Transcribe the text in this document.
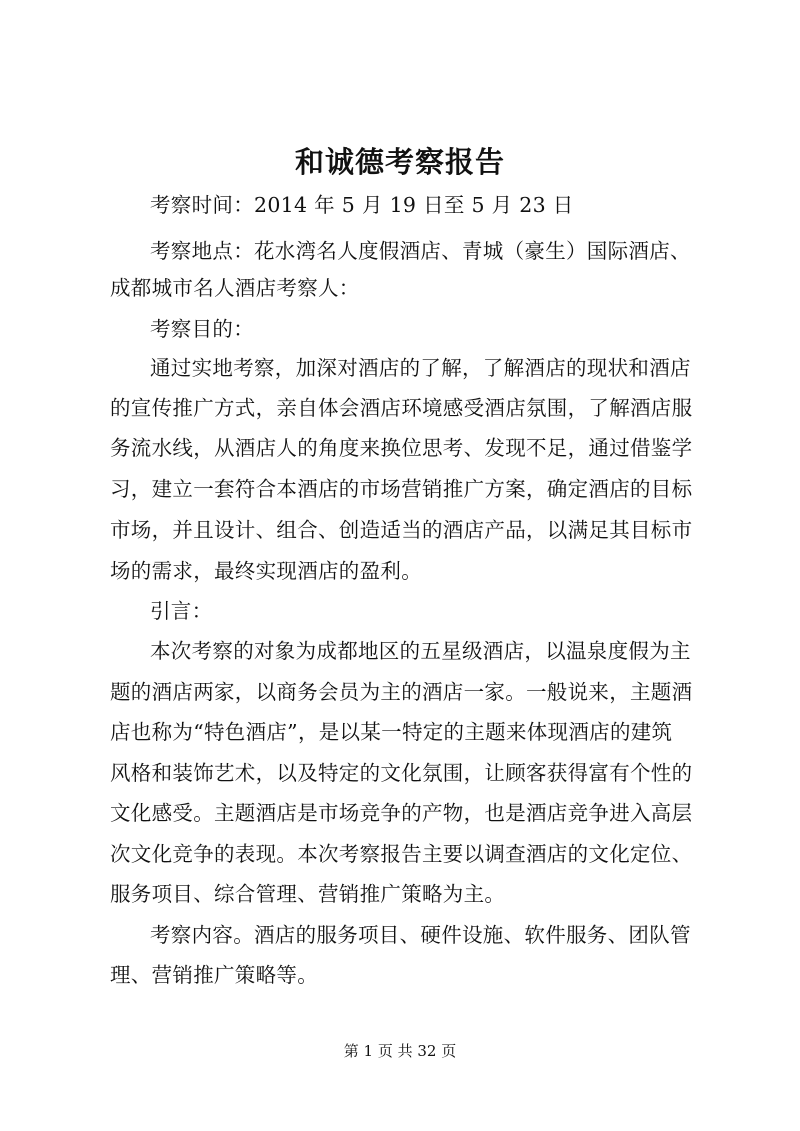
和诚德考察报告
考察时间：2014 年 5 月 19 日至 5 月 23 日
考察地点：花水湾名人度假酒店、青城（豪生）国际酒店、
成都城市名人酒店考察人：
考察目的：
通过实地考察，加深对酒店的了解，了解酒店的现状和酒店
的宣传推广方式，亲自体会酒店环境感受酒店氛围，了解酒店服
务流水线，从酒店人的角度来换位思考、发现不足，通过借鉴学
习，建立一套符合本酒店的市场营销推广方案，确定酒店的目标
市场，并且设计、组合、创造适当的酒店产品，以满足其目标市
场的需求，最终实现酒店的盈利。
引言：
本次考察的对象为成都地区的五星级酒店，以温泉度假为主
题的酒店两家，以商务会员为主的酒店一家。一般说来，主题酒
店也称为“特色酒店”，是以某一特定的主题来体现酒店的建筑
风格和装饰艺术，以及特定的文化氛围，让顾客获得富有个性的
文化感受。主题酒店是市场竞争的产物，也是酒店竞争进入高层
次文化竞争的表现。本次考察报告主要以调查酒店的文化定位、
服务项目、综合管理、营销推广策略为主。
考察内容。酒店的服务项目、硬件设施、软件服务、团队管
理、营销推广策略等。
第 1 页 共 32 页
